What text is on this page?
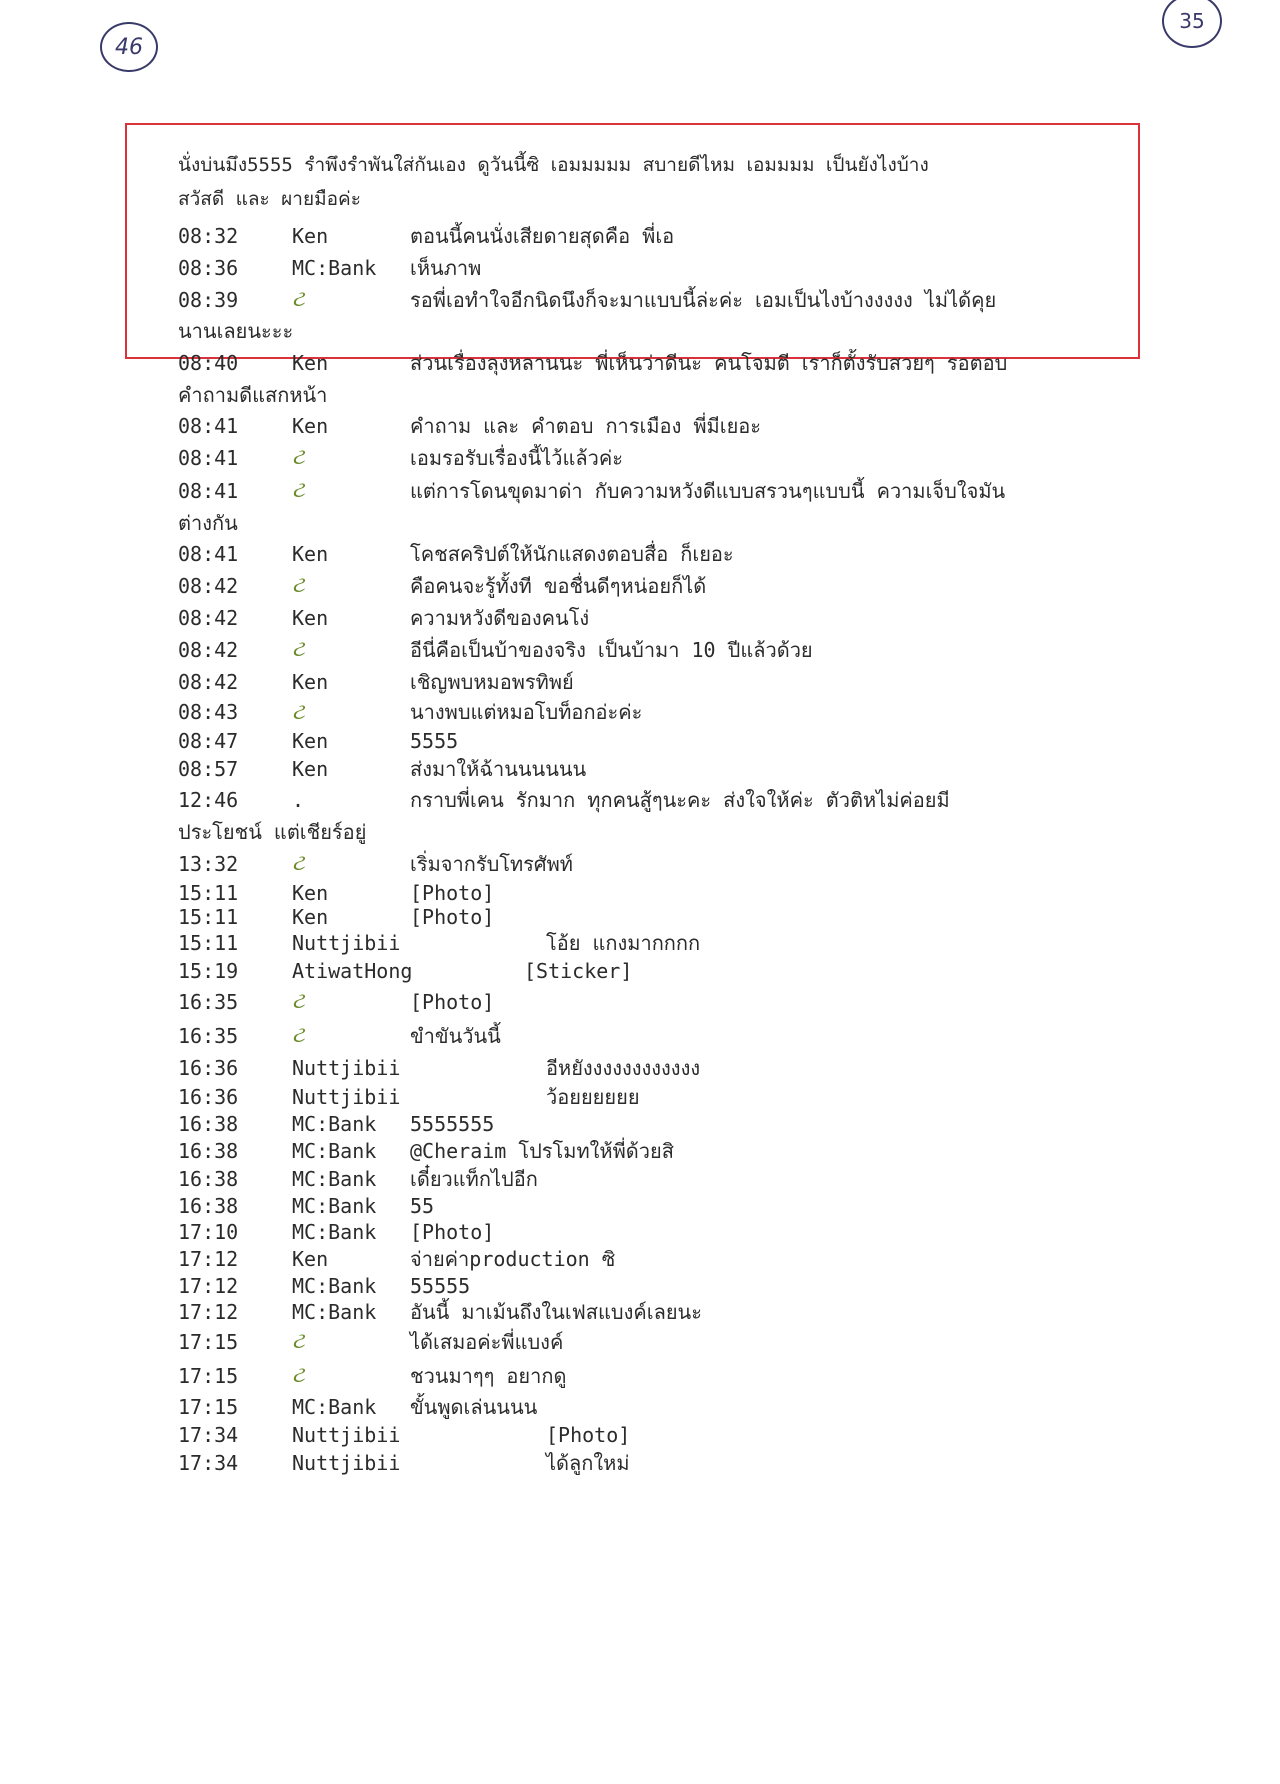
46
35
นั่งบ่นมึง5555 รำพึงรำพันใส่กันเอง ดูวันนี้ซิ เอมมมมม สบายดีไหม เอมมมม เป็นยังไงบ้าง
สวัสดี และ ผายมือค่ะ
08:32	Ken	ตอนนี้คนนั่งเสียดายสุดคือ พี่เอ
08:36	MC:Bank เห็นภาพ
08:39 ટ	รอพี่เอทำใจอีกนิดนึงก็จะมาแบบนี้ล่ะค่ะ เอมเป็นไงบ้างงงงง ไม่ได้คุย
นานเลยนะะะ
08:40	Ken	ส่วนเรื่องลุงหลานนะ พี่เห็นว่าดีนะ คนโจมตี เราก็ตั้งรับสวยๆ รอตอบ
คำถามดีแสกหน้า
08:41	Ken	คำถาม และ คำตอบ การเมือง พี่มีเยอะ
08:41 ટ	เอมรอรับเรื่องนี้ไว้แล้วค่ะ
08:41 ટ	แต่การโดนขุดมาด่า กับความหวังดีแบบสรวนๆแบบนี้ ความเจ็บใจมัน
ต่างกัน
08:41	Ken	โคชสคริปต์ให้นักแสดงตอบสื่อ ก็เยอะ
08:42 ટ	คือคนจะรู้ทั้งที ขอชื่นดีๆหน่อยก็ได้
08:42	Ken	ความหวังดีของคนโง่
08:42 ટ	อีนี่คือเป็นบ้าของจริง เป็นบ้ามา 10 ปีแล้วด้วย
08:42	Ken	เชิญพบหมอพรทิพย์
08:43 ટ	นางพบแต่หมอโบท็อกอ่ะค่ะ
08:47	Ken	5555
08:57	Ken	ส่งมาให้ฉ้านนนนนน
12:46	.	กราบพี่เคน รักมาก ทุกคนสู้ๆนะคะ ส่งใจให้ค่ะ ตัวติหไม่ค่อยมี
ประโยชน์ แต่เชียร์อยู่
13:32 ટ	เริ่มจากรับโทรศัพท์
15:11	Ken	[Photo]
15:11	Ken	[Photo]
15:11	Nuttjibii	โอ้ย แกงมากกกก
15:19	AtiwatHong	[Sticker]
16:35 ટ	[Photo]
16:35 ટ	ขำขันวันนี้
16:36	Nuttjibii	อีหยังงงงงงงงงงงง
16:36	Nuttjibii	ว้อยยยยยย
16:38	MC:Bank 5555555
16:38	MC:Bank @Cheraim โปรโมทให้พี่ด้วยสิ
16:38	MC:Bank เดี๋ยวแท็กไปอีก
16:38	MC:Bank 55
17:10	MC:Bank [Photo]
17:12	Ken	จ่ายค่าproduction ซิ
17:12	MC:Bank 55555
17:12	MC:Bank อันนี้ มาเม้นถึงในเฟสแบงค์เลยนะ
17:15 ટ	ได้เสมอค่ะพี่แบงค์
17:15 ટ	ชวนมาๆๆ อยากดู
17:15	MC:Bank ขั้นพูดเล่นนนน
17:34	Nuttjibii	[Photo]
17:34	Nuttjibii	ได้ลูกใหม่
